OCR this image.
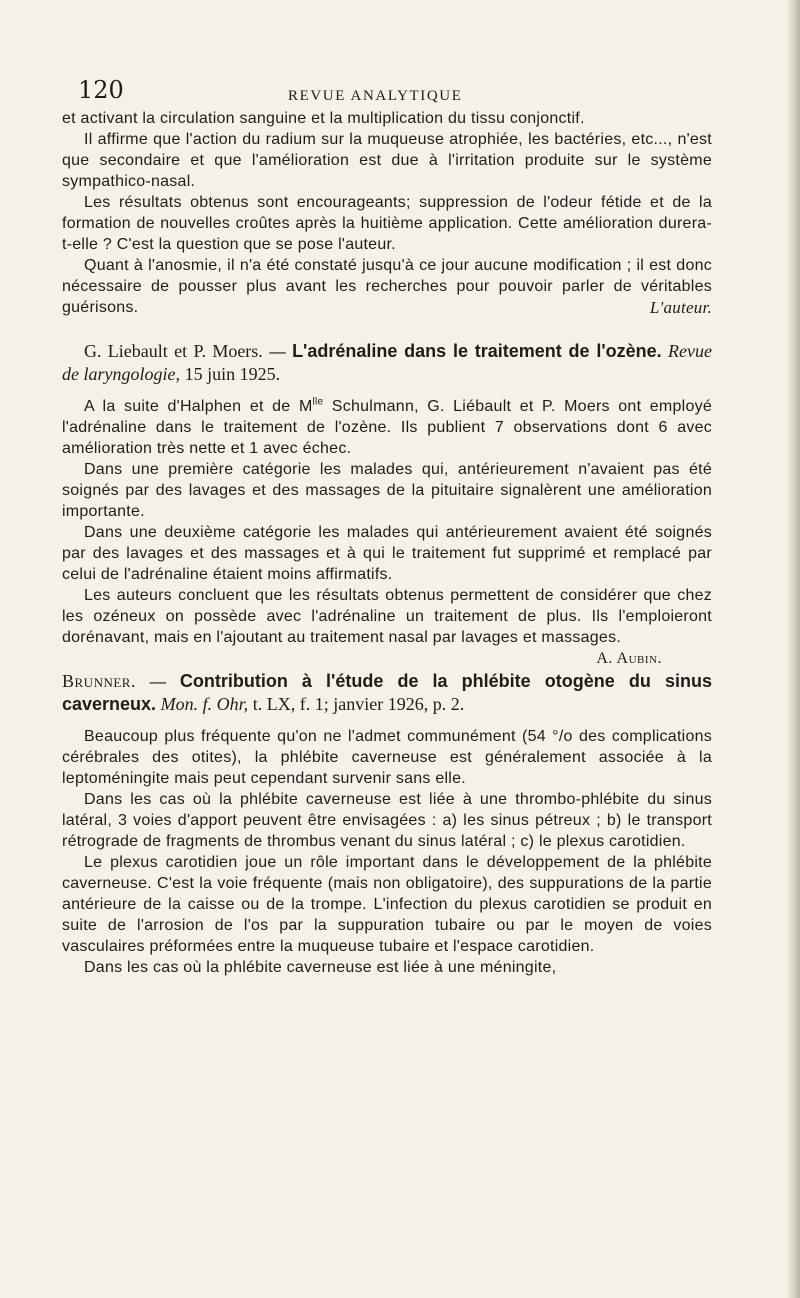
120	REVUE ANALYTIQUE

et activant la circulation sanguine et la multiplication du tissu conjonctif.

Il affirme que l'action du radium sur la muqueuse atrophiée, les bactéries, etc..., n'est que secondaire et que l'amélioration est due à l'irritation produite sur le système sympathico-nasal.

Les résultats obtenus sont encourageants; suppression de l'odeur fétide et de la formation de nouvelles croûtes après la huitième application. Cette amélioration durera-t-elle ? C'est la question que se pose l'auteur.

Quant à l'anosmie, il n'a été constaté jusqu'à ce jour aucune modification ; il est donc nécessaire de pousser plus avant les recherches pour pouvoir parler de véritables guérisons.	L'auteur.

G. Liebault et P. Moers. — L'adrénaline dans le traitement de l'ozène. Revue de laryngologie, 15 juin 1925.

A la suite d'Halphen et de $M^{lle}$ Schulmann, G. Liébault et P. Moers ont employé l'adrénaline dans le traitement de l'ozène. Ils publient 7 observations dont 6 avec amélioration très nette et 1 avec échec.

Dans une première catégorie les malades qui, antérieurement n'avaient pas été soignés par des lavages et des massages de la pituitaire signalèrent une amélioration importante.

Dans une deuxième catégorie les malades qui antérieurement avaient été soignés par des lavages et des massages et à qui le traitement fut supprimé et remplacé par celui de l'adrénaline étaient moins affirmatifs.

Les auteurs concluent que les résultats obtenus permettent de considérer que chez les ozéneux on possède avec l'adrénaline un traitement de plus. Ils l'emploieront dorénavant, mais en l'ajoutant au traitement nasal par lavages et massages.
A. Aubin.

Brunner. — Contribution à l'étude de la phlébite otogène du sinus caverneux. Mon. f. Ohr, t. LX, f. 1; janvier 1926, p. 2.

Beaucoup plus fréquente qu'on ne l'admet communément (54 °/o des complications cérébrales des otites), la phlébite caverneuse est généralement associée à la leptoméningite mais peut cependant survenir sans elle.

Dans les cas où la phlébite caverneuse est liée à une thrombo-phlébite du sinus latéral, 3 voies d'apport peuvent être envisagées : a) les sinus pétreux ; b) le transport rétrograde de fragments de thrombus venant du sinus latéral ; c) le plexus carotidien.

Le plexus carotidien joue un rôle important dans le développement de la phlébite caverneuse. C'est la voie fréquente (mais non obligatoire), des suppurations de la partie antérieure de la caisse ou de la trompe. L'infection du plexus carotidien se produit en suite de l'arrosion de l'os par la suppuration tubaire ou par le moyen de voies vasculaires préformées entre la muqueuse tubaire et l'espace carotidien.

Dans les cas où la phlébite caverneuse est liée à une méningite,
